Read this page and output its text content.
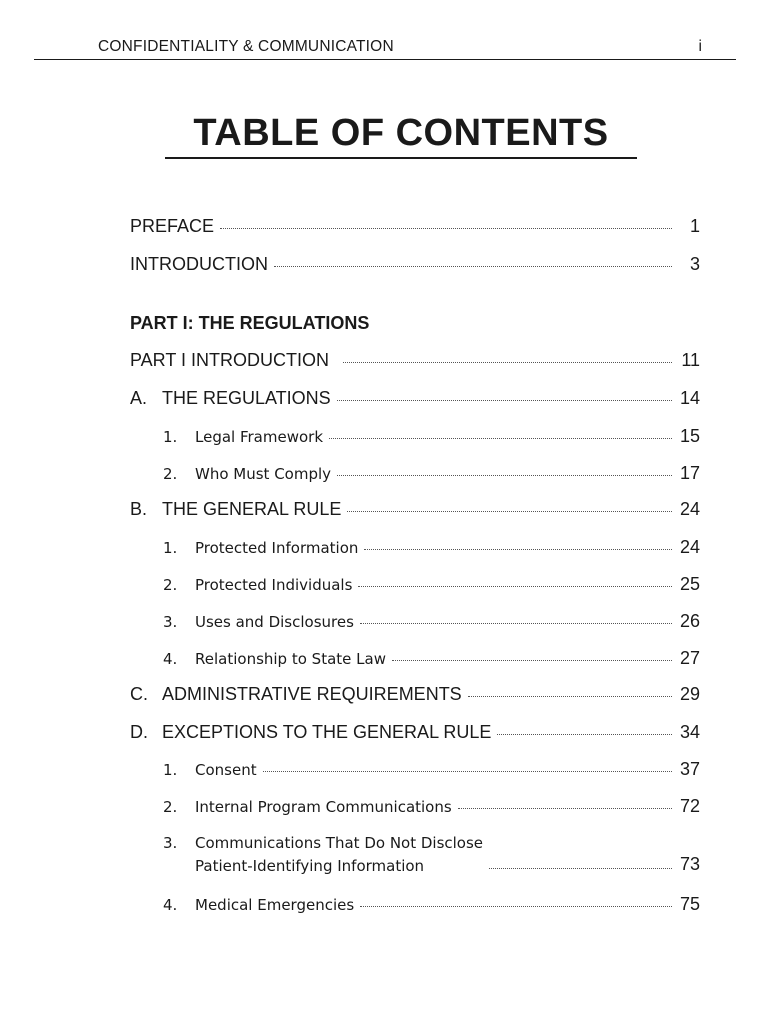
CONFIDENTIALITY & COMMUNICATION	i
TABLE OF CONTENTS
PREFACE	1
INTRODUCTION	3
PART I: THE REGULATIONS
PART I INTRODUCTION	11
A. THE REGULATIONS	14
1.	Legal Framework	15
2.	Who Must Comply	17
B. THE GENERAL RULE	24
1.	Protected Information	24
2.	Protected Individuals	25
3.	Uses and Disclosures	26
4.	Relationship to State Law	27
C. ADMINISTRATIVE REQUIREMENTS	29
D. EXCEPTIONS TO THE GENERAL RULE	34
1.	Consent	37
2.	Internal Program Communications	72
3.	Communications That Do Not Disclose
Patient-Identifying Information	73
4.	Medical Emergencies	75
